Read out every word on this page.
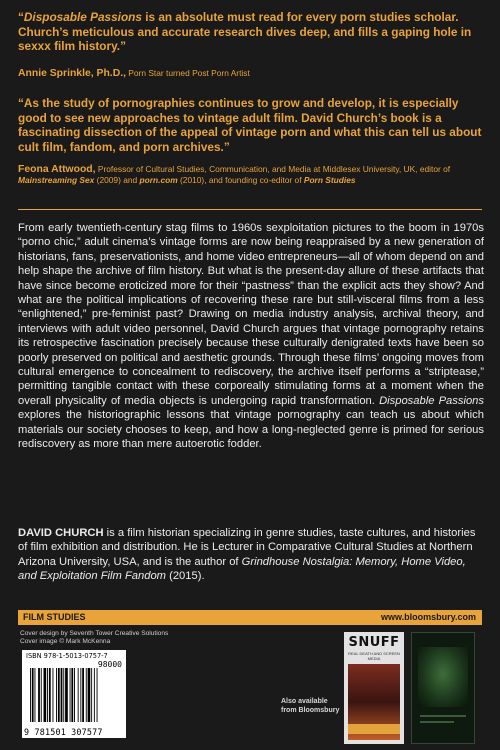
“Disposable Passions is an absolute must read for every porn studies scholar. Church’s meticulous and accurate research dives deep, and fills a gaping hole in sexxx film history.”
Annie Sprinkle, Ph.D., Porn Star turned Post Porn Artist
“As the study of pornographies continues to grow and develop, it is especially good to see new approaches to vintage adult film. David Church’s book is a fascinating dissection of the appeal of vintage porn and what this can tell us about cult film, fandom, and porn archives.”
Feona Attwood, Professor of Cultural Studies, Communication, and Media at Middlesex University, UK, editor of Mainstreaming Sex (2009) and porn.com (2010), and founding co-editor of Porn Studies
From early twentieth-century stag films to 1960s sexploitation pictures to the boom in 1970s “porno chic,” adult cinema’s vintage forms are now being reappraised by a new generation of historians, fans, preservationists, and home video entrepreneurs—all of whom depend on and help shape the archive of film history. But what is the present-day allure of these artifacts that have since become eroticized more for their “pastness” than the explicit acts they show? And what are the political implications of recovering these rare but still-visceral films from a less “enlightened,” pre-feminist past? Drawing on media industry analysis, archival theory, and interviews with adult video personnel, David Church argues that vintage pornography retains its retrospective fascination precisely because these culturally denigrated texts have been so poorly preserved on political and aesthetic grounds. Through these films’ ongoing moves from cultural emergence to concealment to rediscovery, the archive itself performs a “striptease,” permitting tangible contact with these corporeally stimulating forms at a moment when the overall physicality of media objects is undergoing rapid transformation. Disposable Passions explores the historiographic lessons that vintage pornography can teach us about which materials our society chooses to keep, and how a long-neglected genre is primed for serious rediscovery as more than mere autoerotic fodder.
DAVID CHURCH is a film historian specializing in genre studies, taste cultures, and histories of film exhibition and distribution. He is Lecturer in Comparative Cultural Studies at Northern Arizona University, USA, and is the author of Grindhouse Nostalgia: Memory, Home Video, and Exploitation Film Fandom (2015).
FILM STUDIES	www.bloomsbury.com
Cover design by Seventh Tower Creative Solutions
Cover image © Mark McKenna
ISBN 978-1-5013-0757-7
98000
9 781501 307577
Also available from Bloomsbury
SNUFF
REAL DEATH AND SCREEN MEDIA
